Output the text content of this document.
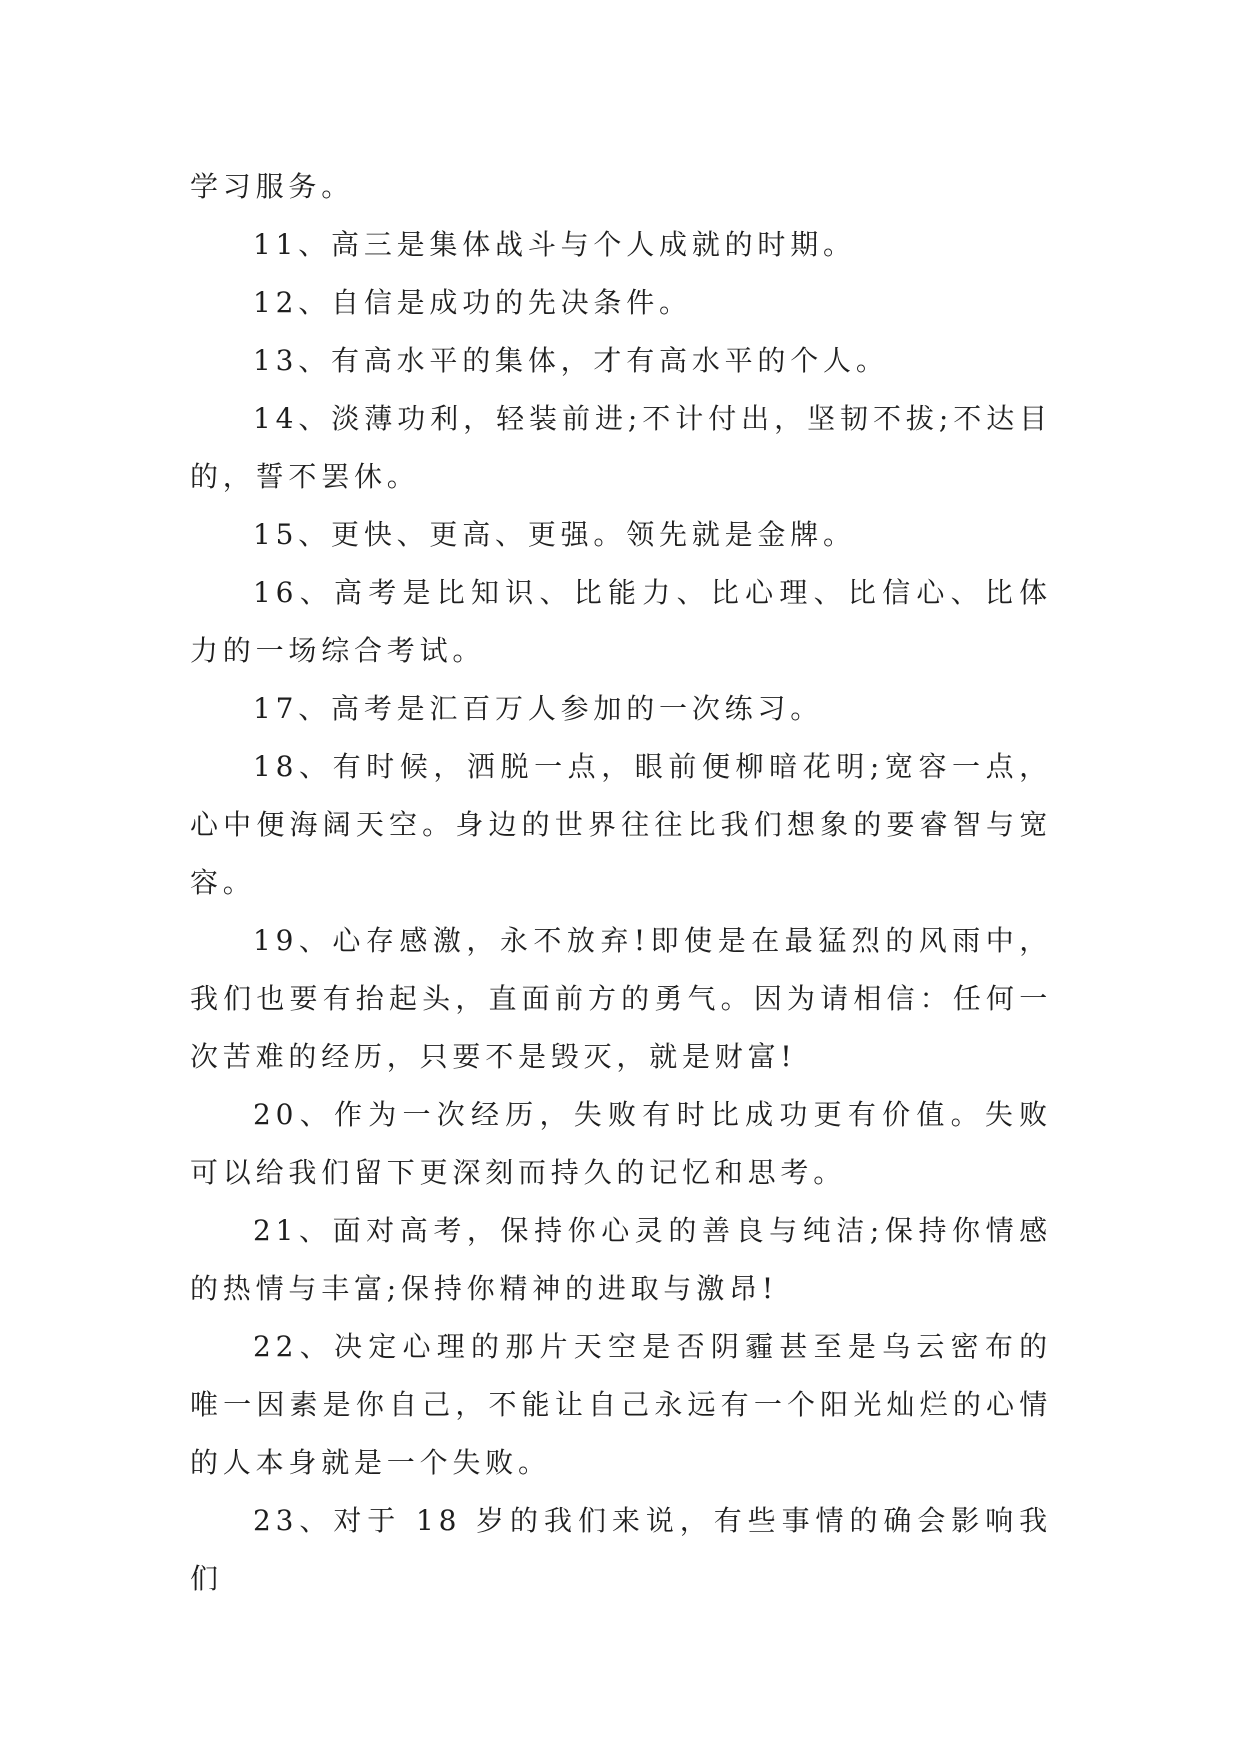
学习服务。

11、高三是集体战斗与个人成就的时期。

12、自信是成功的先决条件。

13、有高水平的集体，才有高水平的个人。

14、淡薄功利，轻装前进;不计付出，坚韧不拔;不达目的，誓不罢休。

15、更快、更高、更强。领先就是金牌。

16、高考是比知识、比能力、比心理、比信心、比体力的一场综合考试。

17、高考是汇百万人参加的一次练习。

18、有时候，洒脱一点，眼前便柳暗花明;宽容一点，心中便海阔天空。身边的世界往往比我们想象的要睿智与宽容。

19、心存感激，永不放弃!即使是在最猛烈的风雨中，我们也要有抬起头，直面前方的勇气。因为请相信：任何一次苦难的经历，只要不是毁灭，就是财富!

20、作为一次经历，失败有时比成功更有价值。失败可以给我们留下更深刻而持久的记忆和思考。

21、面对高考，保持你心灵的善良与纯洁;保持你情感的热情与丰富;保持你精神的进取与激昂!

22、决定心理的那片天空是否阴霾甚至是乌云密布的唯一因素是你自己，不能让自己永远有一个阳光灿烂的心情的人本身就是一个失败。

23、对于 18 岁的我们来说，有些事情的确会影响我们
